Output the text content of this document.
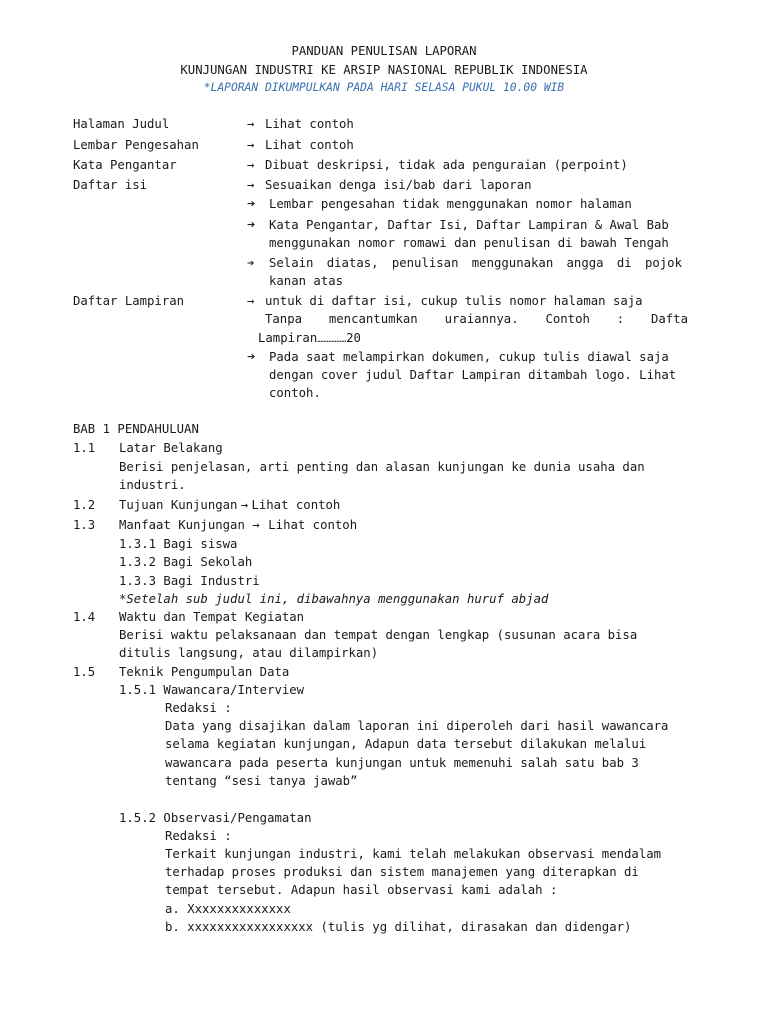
PANDUAN PENULISAN LAPORAN
KUNJUNGAN INDUSTRI KE ARSIP NASIONAL REPUBLIK INDONESIA
*LAPORAN DIKUMPULKAN PADA HARI SELASA PUKUL 10.00 WIB
Halaman Judul	→ Lihat contoh
Lembar Pengesahan	→ Lihat contoh
Kata Pengantar	→ Dibuat deskripsi, tidak ada penguraian (perpoint)
Daftar isi	→ Sesuaikan denga isi/bab dari laporan
➔ Lembar pengesahan tidak menggunakan nomor halaman
➔ Kata Pengantar, Daftar Isi, Daftar Lampiran & Awal Bab
menggunakan nomor romawi dan penulisan di bawah Tengah
➔ Selain diatas, penulisan menggunakan angga di pojok
kanan atas
Daftar Lampiran	→ untuk di daftar isi, cukup tulis nomor halaman saja
Tanpa mencantumkan uraiannya. Contoh : Dafta
Lampiran………………20
➔ Pada saat melampirkan dokumen, cukup tulis diawal saja
dengan cover judul Daftar Lampiran ditambah logo. Lihat
contoh.
BAB 1 PENDAHULUAN
1.1 Latar Belakang
Berisi penjelasan, arti penting dan alasan kunjungan ke dunia usaha dan
industri.
1.2 Tujuan Kunjungan → Lihat contoh
1.3 Manfaat Kunjungan → Lihat contoh
1.3.1 Bagi siswa
1.3.2 Bagi Sekolah
1.3.3 Bagi Industri
*Setelah sub judul ini, dibawahnya menggunakan huruf abjad
1.4 Waktu dan Tempat Kegiatan
Berisi waktu pelaksanaan dan tempat dengan lengkap (susunan acara bisa
ditulis langsung, atau dilampirkan)
1.5 Teknik Pengumpulan Data
1.5.1 Wawancara/Interview
Redaksi :
Data yang disajikan dalam laporan ini diperoleh dari hasil wawancara
selama kegiatan kunjungan, Adapun data tersebut dilakukan melalui
wawancara pada peserta kunjungan untuk memenuhi salah satu bab 3
tentang “sesi tanya jawab”
1.5.2 Observasi/Pengamatan
Redaksi :
Terkait kunjungan industri, kami telah melakukan observasi mendalam
terhadap proses produksi dan sistem manajemen yang diterapkan di
tempat tersebut. Adapun hasil observasi kami adalah :
a. Xxxxxxxxxxxxxx
b. xxxxxxxxxxxxxxxxx (tulis yg dilihat, dirasakan dan didengar)
